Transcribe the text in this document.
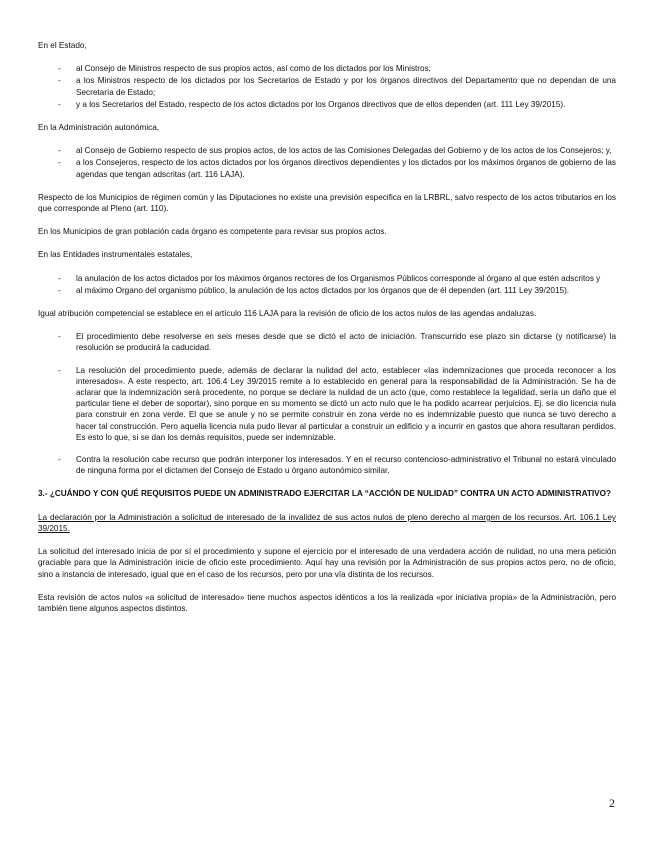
En el Estado,

- al Consejo de Ministros respecto de sus propios actos, así como de los dictados por los Ministros;
- a los Ministros respecto de los dictados por los Secretarios de Estado y por los órganos directivos del Departamento que no dependan de una Secretaría de Estado;
- y a los Secretarios del Estado, respecto de los actos dictados por los Organos directivos que de ellos dependen (art. 111 Ley 39/2015).

En la Administración autonómica,

- al Consejo de Gobierno respecto de sus propios actos, de los actos de las Comisiones Delegadas del Gobierno y de los actos de los Consejeros; y,
- a los Consejeros, respecto de los actos dictados por los órganos directivos dependientes y los dictados por los máximos órganos de gobierno de las agendas que tengan adscritas (art. 116 LAJA).

Respecto de los Municipios de régimen común y las Diputaciones no existe una previsión especifica en la LRBRL, salvo respecto de los actos tributarios en los que corresponde al Pleno (art. 110).

En los Municipios de gran población cada órgano es competente para revisar sus propios actos.

En las Entidades instrumentales estatales,

- la anulación de los actos dictados por los máximos órganos rectores de los Organismos Públicos corresponde al órgano al que estén adscritos y
- al máximo Organo del organismo público, la anulación de los actos dictados por los órganos que de él dependen (art. 111 Ley 39/2015).

Igual atribución competencial se establece en el artículo 116 LAJA para la revisión de oficio de los actos nulos de las agendas andaluzas.

- El procedimiento debe resolverse en seis meses desde que se dictó el acto de iniciación. Transcurrido ese plazo sin dictarse (y notificarse) la resolución se producirá la caducidad.
- La resolución del procedimiento puede, además de declarar la nulidad del acto, establecer «las indemnizaciones que proceda reconocer a los interesados». A este respecto, art. 106.4 Ley 39/2015 remite a lo establecido en general para la responsabilidad de la Administración. Se ha de aclarar que la indemnización será procedente, no porque se declare la nulidad de un acto (que, como restablece la legalidad, sería un daño que el particular tiene el deber de soportar), sino porque en su momento se dictó un acto nulo que le ha podido acarrear perjuicios. Ej. se dio licencia nula para construir en zona verde. El que se anule y no se permite construir en zona verde no es indemnizable puesto que nunca se tuvo derecho a hacer tal construcción. Pero aquella licencia nula pudo llevar al particular a construir un edificio y a incurrir en gastos que ahora resultaran perdidos. Es esto lo que, si se dan los demás requisitos, puede ser indemnizable.
- Contra la resolución cabe recurso que podrán interponer los interesados. Y en el recurso contencioso-administrativo el Tribunal no estará vinculado de ninguna forma por el dictamen del Consejo de Estado u órgano autonómico similar.

3.- ¿CUÁNDO Y CON QUÉ REQUISITOS PUEDE UN ADMINISTRADO EJERCITAR LA “ACCIÓN DE NULIDAD” CONTRA UN ACTO ADMINISTRATIVO?

La declaración por la Administración a solicitud de interesado de la invalidez de sus actos nulos de pleno derecho al margen de los recursos. Art. 106.1 Ley 39/2015.

La solicitud del interesado inicia de por sí el procedimiento y supone el ejercicio por el interesado de una verdadera acción de nulidad, no una mera petición graciable para que la Administración inicie de oficio este procedimiento. Aquí hay una revisión por la Administración de sus propios actos pero, no de oficio, sino a instancia de interesado, igual que en el caso de los recursos, pero por una vía distinta de los recursos.

Esta revisión de actos nulos «a solicitud de interesado» tiene muchos aspectos idénticos a los la realizada «por iniciativa propia» de la Administración, pero también tiene algunos aspectos distintos.

2
